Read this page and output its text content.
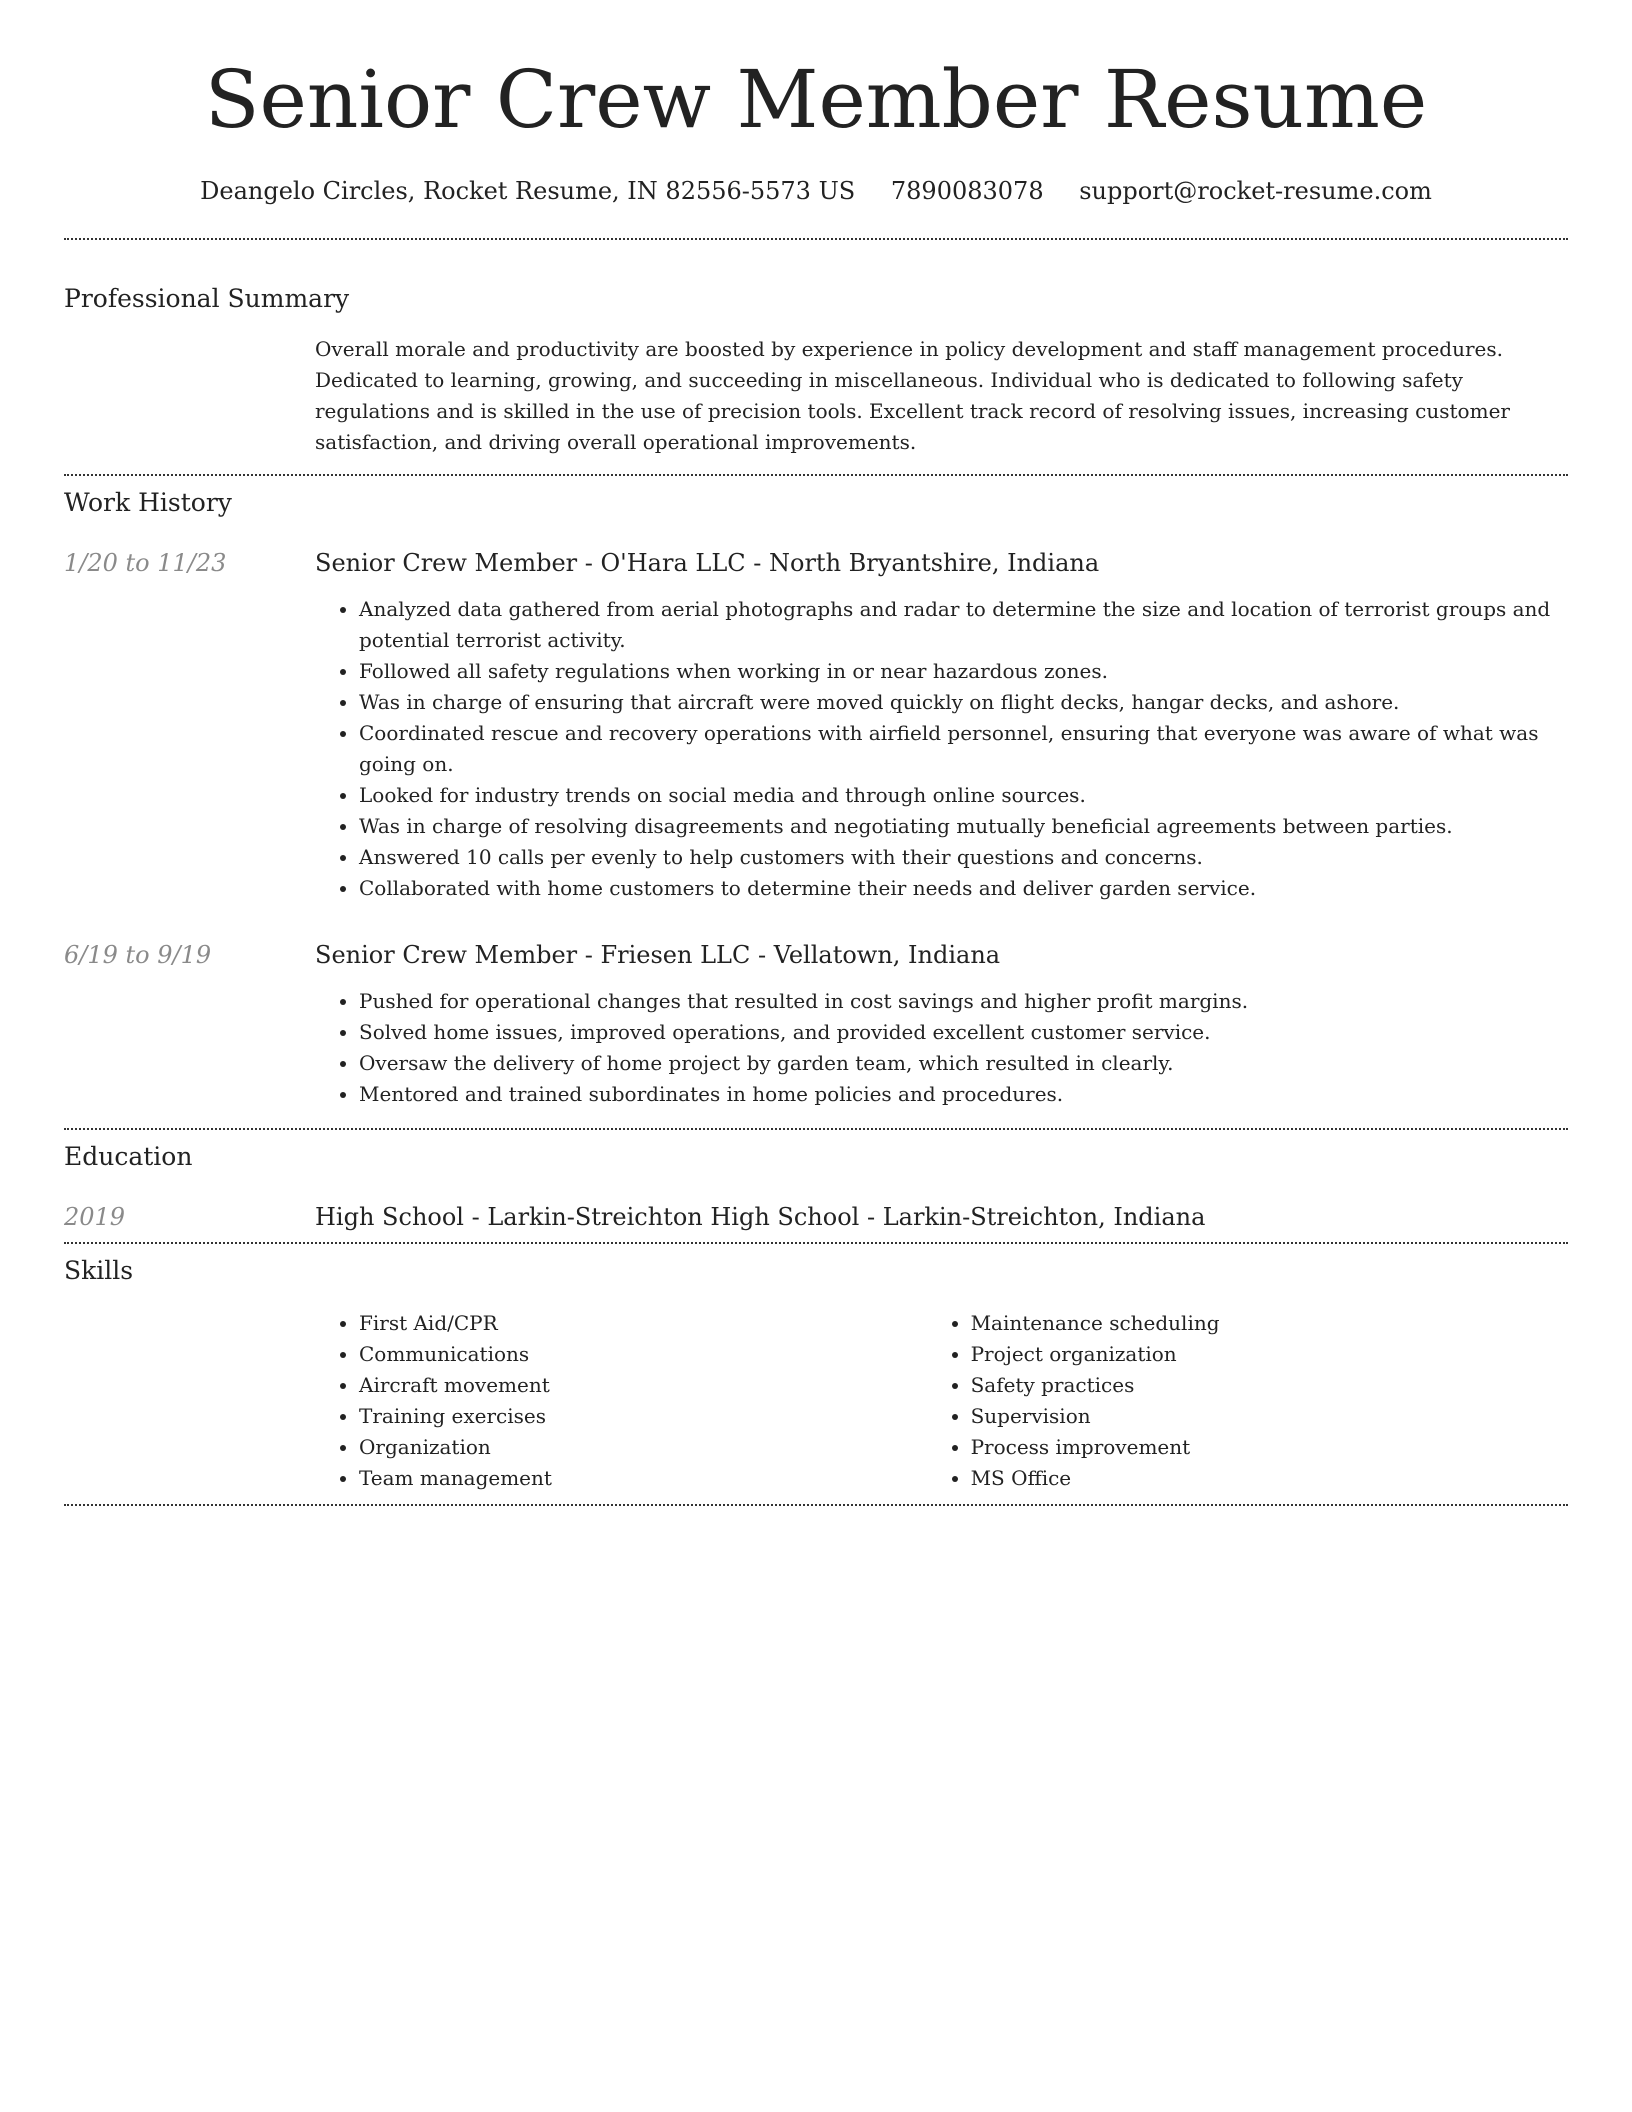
Senior Crew Member Resume
Deangelo Circles, Rocket Resume, IN 82556-5573 US 7890083078 support@rocket-resume.com
Professional Summary

Overall morale and productivity are boosted by experience in policy development and staff management procedures. Dedicated to learning, growing, and succeeding in miscellaneous. Individual who is dedicated to following safety regulations and is skilled in the use of precision tools. Excellent track record of resolving issues, increasing customer satisfaction, and driving overall operational improvements.

Work History
1/20 to 11/23	Senior Crew Member - O'Hara LLC - North Bryantshire, Indiana
• Analyzed data gathered from aerial photographs and radar to determine the size and location of terrorist groups and potential terrorist activity.
• Followed all safety regulations when working in or near hazardous zones.
• Was in charge of ensuring that aircraft were moved quickly on flight decks, hangar decks, and ashore.
• Coordinated rescue and recovery operations with airfield personnel, ensuring that everyone was aware of what was going on.
• Looked for industry trends on social media and through online sources.
• Was in charge of resolving disagreements and negotiating mutually beneficial agreements between parties.
• Answered 10 calls per evenly to help customers with their questions and concerns.
• Collaborated with home customers to determine their needs and deliver garden service.
6/19 to 9/19	Senior Crew Member - Friesen LLC - Vellatown, Indiana
• Pushed for operational changes that resulted in cost savings and higher profit margins.
• Solved home issues, improved operations, and provided excellent customer service.
• Oversaw the delivery of home project by garden team, which resulted in clearly.
• Mentored and trained subordinates in home policies and procedures.
Education
2019	High School - Larkin-Streichton High School - Larkin-Streichton, Indiana
Skills
• First Aid/CPR
• Communications
• Aircraft movement
• Training exercises
• Organization
• Team management
• Maintenance scheduling
• Project organization
• Safety practices
• Supervision
• Process improvement
• MS Office
